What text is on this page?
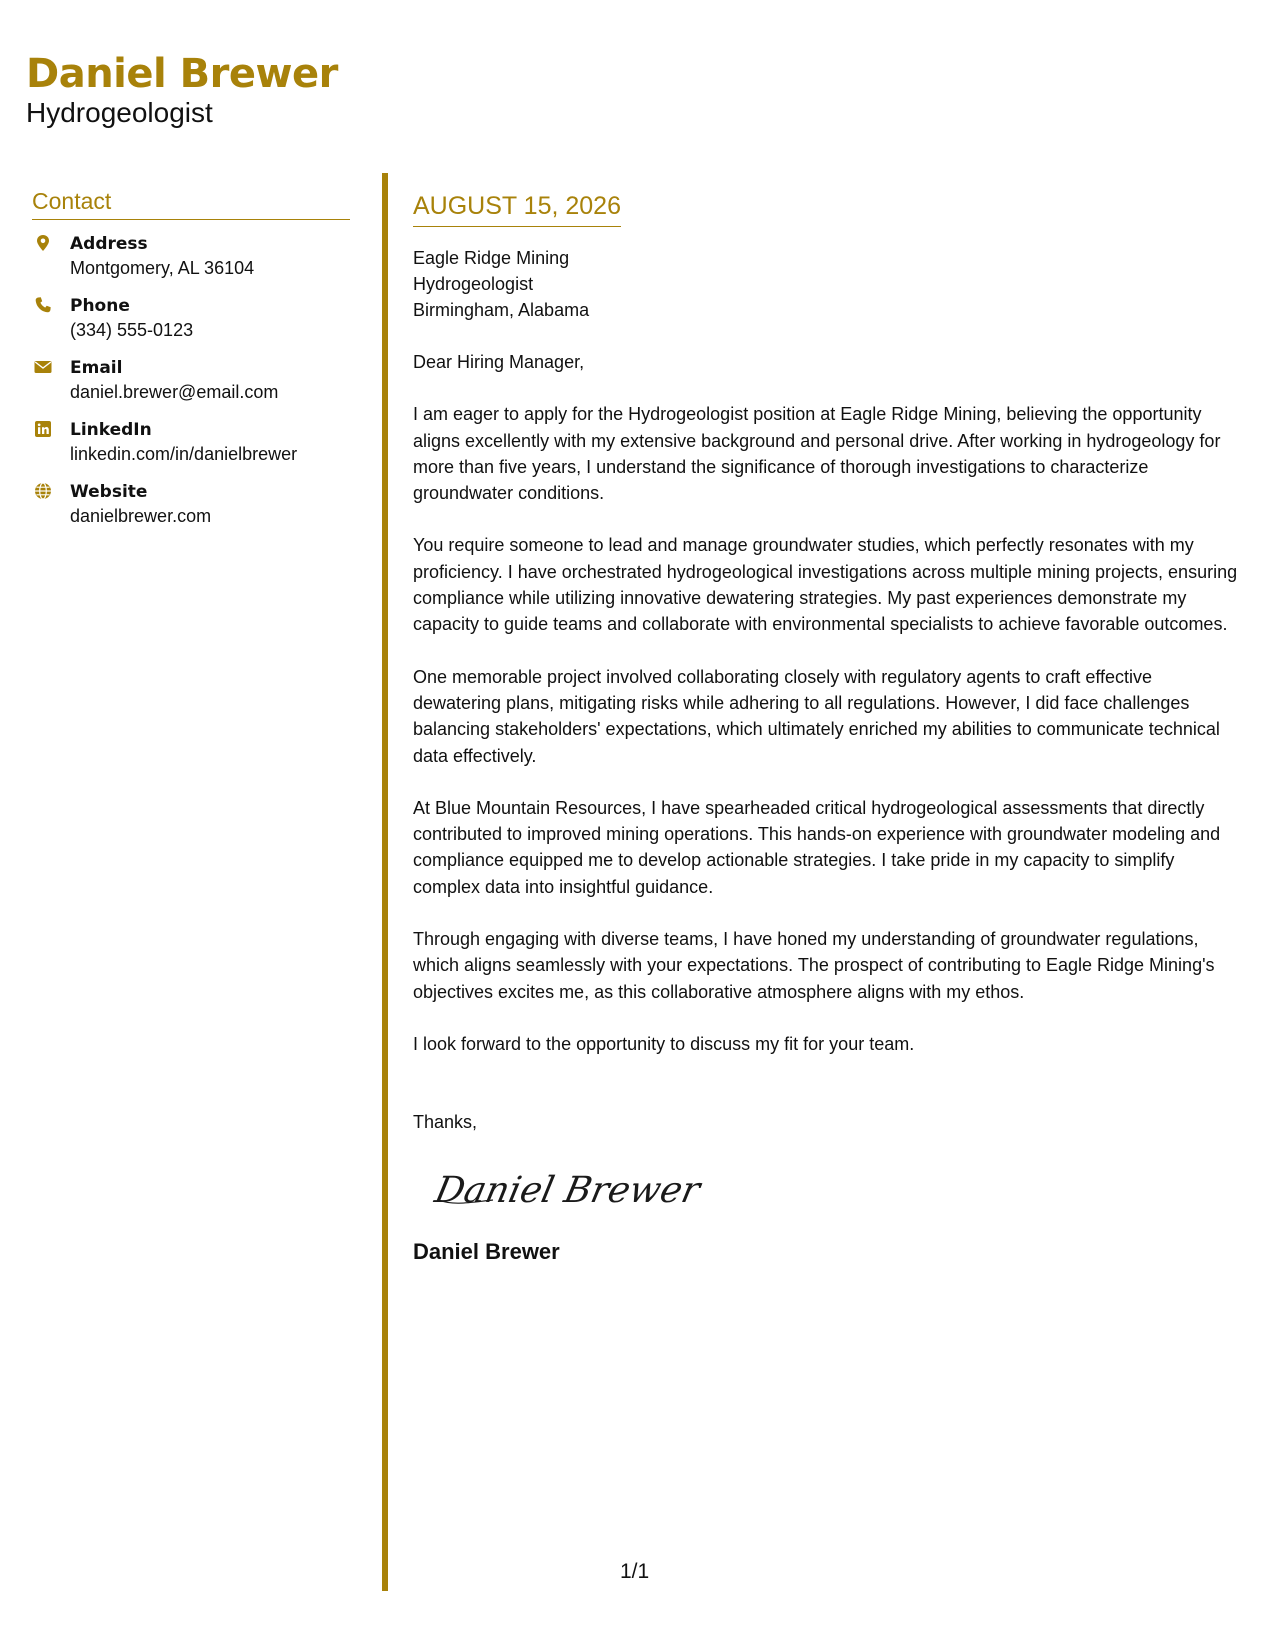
Daniel Brewer
Hydrogeologist
Contact
Address
Montgomery, AL 36104
Phone
(334) 555-0123
Email
daniel.brewer@email.com
LinkedIn
linkedin.com/in/danielbrewer
Website
danielbrewer.com
AUGUST 15, 2026
Eagle Ridge Mining
Hydrogeologist
Birmingham, Alabama
Dear Hiring Manager,
I am eager to apply for the Hydrogeologist position at Eagle Ridge Mining, believing the opportunity aligns excellently with my extensive background and personal drive. After working in hydrogeology for more than five years, I understand the significance of thorough investigations to characterize groundwater conditions.
You require someone to lead and manage groundwater studies, which perfectly resonates with my proficiency. I have orchestrated hydrogeological investigations across multiple mining projects, ensuring compliance while utilizing innovative dewatering strategies. My past experiences demonstrate my capacity to guide teams and collaborate with environmental specialists to achieve favorable outcomes.
One memorable project involved collaborating closely with regulatory agents to craft effective dewatering plans, mitigating risks while adhering to all regulations. However, I did face challenges balancing stakeholders' expectations, which ultimately enriched my abilities to communicate technical data effectively.
At Blue Mountain Resources, I have spearheaded critical hydrogeological assessments that directly contributed to improved mining operations. This hands-on experience with groundwater modeling and compliance equipped me to develop actionable strategies. I take pride in my capacity to simplify complex data into insightful guidance.
Through engaging with diverse teams, I have honed my understanding of groundwater regulations, which aligns seamlessly with your expectations. The prospect of contributing to Eagle Ridge Mining's objectives excites me, as this collaborative atmosphere aligns with my ethos.
I look forward to the opportunity to discuss my fit for your team.
Thanks,
Daniel Brewer
Daniel Brewer
1/1
